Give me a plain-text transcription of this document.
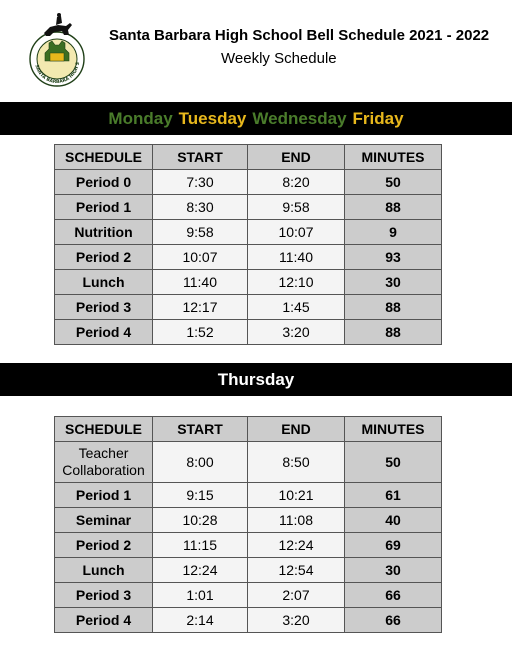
SANTA BARBARA HIGH S
Santa Barbara High School Bell Schedule 2021 - 2022
Weekly Schedule
Monday Tuesday Wednesday Friday
SCHEDULE	START	END	MINUTES
Period 0	7:30	8:20	50
Period 1	8:30	9:58	88
Nutrition	9:58	10:07	9
Period 2	10:07	11:40	93
Lunch	11:40	12:10	30
Period 3	12:17	1:45	88
Period 4	1:52	3:20	88
Thursday
SCHEDULE	START	END	MINUTES

Teacher
Collaboration	8:00	8:50	50
Period 1	9:15	10:21	61
Seminar	10:28	11:08	40
Period 2	11:15	12:24	69
Lunch	12:24	12:54	30
Period 3	1:01	2:07	66
Period 4	2:14	3:20	66
